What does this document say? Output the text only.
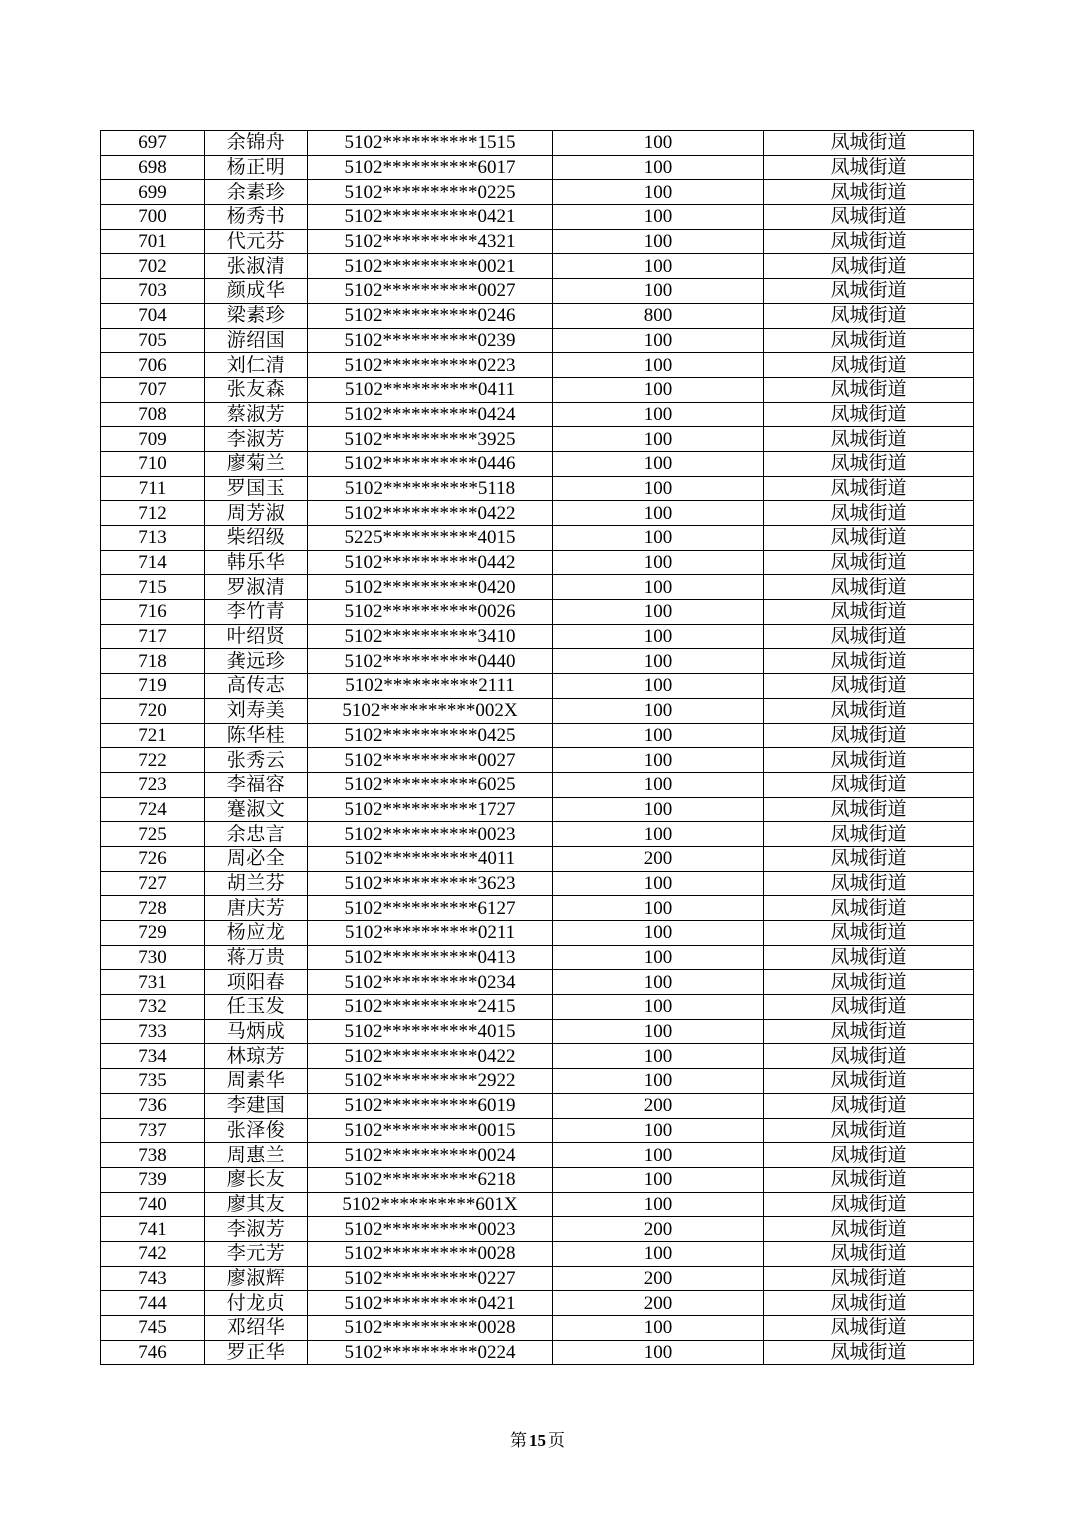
697	余锦舟	5102**********1515	100	凤城街道
698	杨正明	5102**********6017	100	凤城街道
699	余素珍	5102**********0225	100	凤城街道
700	杨秀书	5102**********0421	100	凤城街道
701	代元芬	5102**********4321	100	凤城街道
702	张淑清	5102**********0021	100	凤城街道
703	颜成华	5102**********0027	100	凤城街道
704	梁素珍	5102**********0246	800	凤城街道
705	游绍国	5102**********0239	100	凤城街道
706	刘仁清	5102**********0223	100	凤城街道
707	张友森	5102**********0411	100	凤城街道
708	蔡淑芳	5102**********0424	100	凤城街道
709	李淑芳	5102**********3925	100	凤城街道
710	廖菊兰	5102**********0446	100	凤城街道
711	罗国玉	5102**********5118	100	凤城街道
712	周芳淑	5102**********0422	100	凤城街道
713	柴绍级	5225**********4015	100	凤城街道
714	韩乐华	5102**********0442	100	凤城街道
715	罗淑清	5102**********0420	100	凤城街道
716	李竹青	5102**********0026	100	凤城街道
717	叶绍贤	5102**********3410	100	凤城街道
718	龚远珍	5102**********0440	100	凤城街道
719	高传志	5102**********2111	100	凤城街道
720	刘寿美	5102**********002X	100	凤城街道
721	陈华桂	5102**********0425	100	凤城街道
722	张秀云	5102**********0027	100	凤城街道
723	李福容	5102**********6025	100	凤城街道
724	蹇淑文	5102**********1727	100	凤城街道
725	余忠言	5102**********0023	100	凤城街道
726	周必全	5102**********4011	200	凤城街道
727	胡兰芬	5102**********3623	100	凤城街道
728	唐庆芳	5102**********6127	100	凤城街道
729	杨应龙	5102**********0211	100	凤城街道
730	蒋万贵	5102**********0413	100	凤城街道
731	项阳春	5102**********0234	100	凤城街道
732	任玉发	5102**********2415	100	凤城街道
733	马炳成	5102**********4015	100	凤城街道
734	林琼芳	5102**********0422	100	凤城街道
735	周素华	5102**********2922	100	凤城街道
736	李建国	5102**********6019	200	凤城街道
737	张泽俊	5102**********0015	100	凤城街道
738	周惠兰	5102**********0024	100	凤城街道
739	廖长友	5102**********6218	100	凤城街道
740	廖其友	5102**********601X	100	凤城街道
741	李淑芳	5102**********0023	200	凤城街道
742	李元芳	5102**********0028	100	凤城街道
743	廖淑辉	5102**********0227	200	凤城街道
744	付龙贞	5102**********0421	200	凤城街道
745	邓绍华	5102**********0028	100	凤城街道
746	罗正华	5102**********0224	100	凤城街道
第 15 页
